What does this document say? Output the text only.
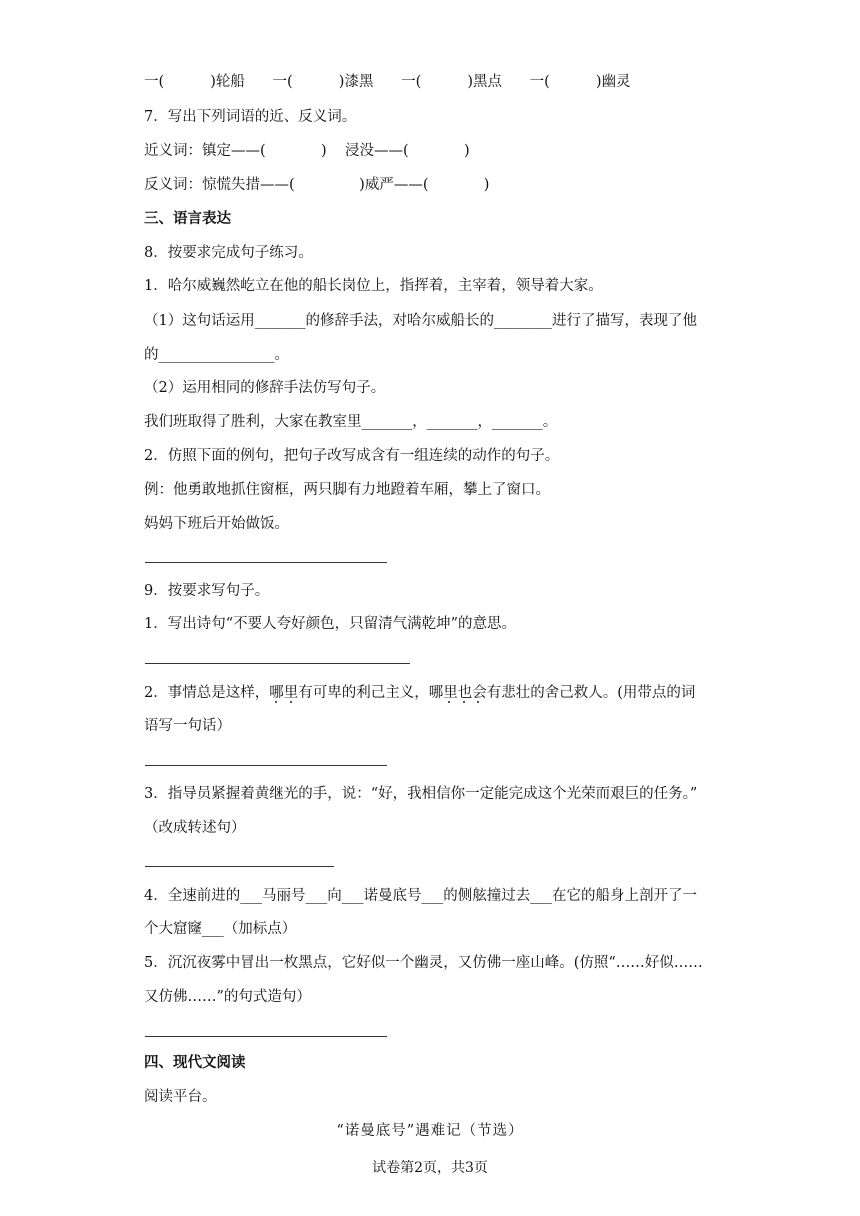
一(          )轮船      一(          )漆黑      一(          )黑点      一(          )幽灵
7．写出下列词语的近、反义词。
近义词：镇定——(            )    浸没——(            )
反义词：惊慌失措——(              )威严——(            )
三、语言表达
8．按要求完成句子练习。
1．哈尔威巍然屹立在他的船长岗位上，指挥着，主宰着，领导着大家。
（1）这句话运用_______的修辞手法，对哈尔威船长的________进行了描写，表现了他
的________________。
（2）运用相同的修辞手法仿写句子。
我们班取得了胜利，大家在教室里_______，_______，_______。
2．仿照下面的例句，把句子改写成含有一组连续的动作的句子。
例：他勇敢地抓住窗框，两只脚有力地蹬着车厢，攀上了窗口。
妈妈下班后开始做饭。
9．按要求写句子。
1．写出诗句“不要人夸好颜色，只留清气满乾坤”的意思。
2．事情总是这样，哪里有可卑的利己主义，哪里也会有悲壮的舍己救人。(用带点的词
语写一句话）
3．指导员紧握着黄继光的手，说：“好，我相信你一定能完成这个光荣而艰巨的任务。”
（改成转述句）
4．全速前进的___马丽号___向___诺曼底号___的侧舷撞过去___在它的船身上剖开了一
个大窟窿___（加标点）
5．沉沉夜雾中冒出一枚黑点，它好似一个幽灵，又仿佛一座山峰。(仿照“……好似……
又仿佛……”的句式造句）
四、现代文阅读
阅读平台。
“诺曼底号”遇难记（节选）
试卷第2页，共3页
